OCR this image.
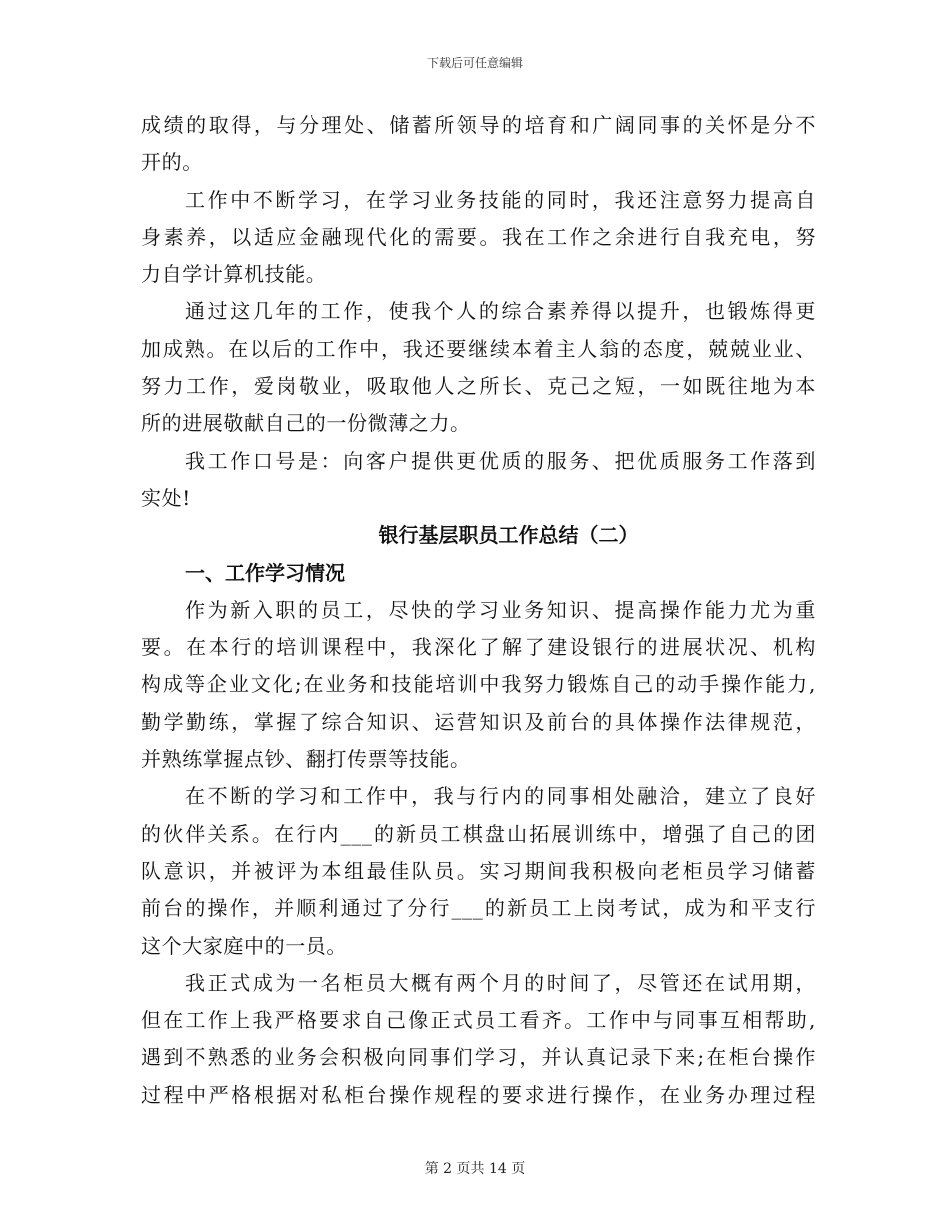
下载后可任意编辑
成绩的取得，与分理处、储蓄所领导的培育和广阔同事的关怀是分不
开的。
工作中不断学习，在学习业务技能的同时，我还注意努力提高自
身素养，以适应金融现代化的需要。我在工作之余进行自我充电，努
力自学计算机技能。
通过这几年的工作，使我个人的综合素养得以提升，也锻炼得更
加成熟。在以后的工作中，我还要继续本着主人翁的态度，兢兢业业、
努力工作，爱岗敬业，吸取他人之所长、克己之短，一如既往地为本
所的进展敬献自己的一份微薄之力。
我工作口号是：向客户提供更优质的服务、把优质服务工作落到
实处!
银行基层职员工作总结（二）
一、工作学习情况
作为新入职的员工，尽快的学习业务知识、提高操作能力尤为重
要。在本行的培训课程中，我深化了解了建设银行的进展状况、机构
构成等企业文化;在业务和技能培训中我努力锻炼自己的动手操作能力,
勤学勤练，掌握了综合知识、运营知识及前台的具体操作法律规范，
并熟练掌握点钞、翻打传票等技能。
在不断的学习和工作中，我与行内的同事相处融洽，建立了良好
的伙伴关系。在行内___的新员工棋盘山拓展训练中，增强了自己的团
队意识，并被评为本组最佳队员。实习期间我积极向老柜员学习储蓄
前台的操作，并顺利通过了分行___的新员工上岗考试，成为和平支行
这个大家庭中的一员。
我正式成为一名柜员大概有两个月的时间了，尽管还在试用期，
但在工作上我严格要求自己像正式员工看齐。工作中与同事互相帮助,
遇到不熟悉的业务会积极向同事们学习，并认真记录下来;在柜台操作
过程中严格根据对私柜台操作规程的要求进行操作，在业务办理过程
第 2 页共 14 页
